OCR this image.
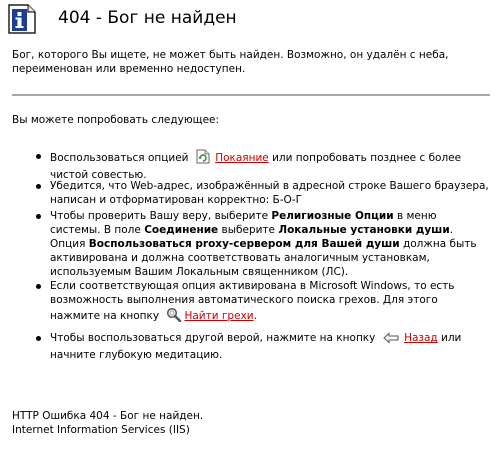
404 - Бог не найден
Бог, которого Вы ищете, не может быть найден. Возможно, он удалён с неба, переименован или временно недоступен.
Вы можете попробовать следующее:
Воспользоваться опцией	Покаяние или попробовать позднее с более чистой совестью.
Убедится, что Web-адрес, изображённый в адресной строке Вашего браузера, написан и отформатирован корректно: Б-О-Г
Чтобы проверить Вашу веру, выберите Религиозные Опции в меню системы. В поле Соединение выберите Локальные установки души. Опция Воспользоваться proxy-сервером для Вашей души должна быть активирована и должна соответствовать аналогичным установкам, используемым Вашим Локальным священником (ЛС).
Если соответствующая опция активирована в Microsoft Windows, то есть возможность выполнения автоматического поиска грехов. Для этого нажмите на кнопку Найти грехи.
Чтобы воспользоваться другой верой, нажмите на кнопку	Назад или начните глубокую медитацию.
HTTP Ошибка 404 - Бог не найден.
Internet Information Services (IIS)
